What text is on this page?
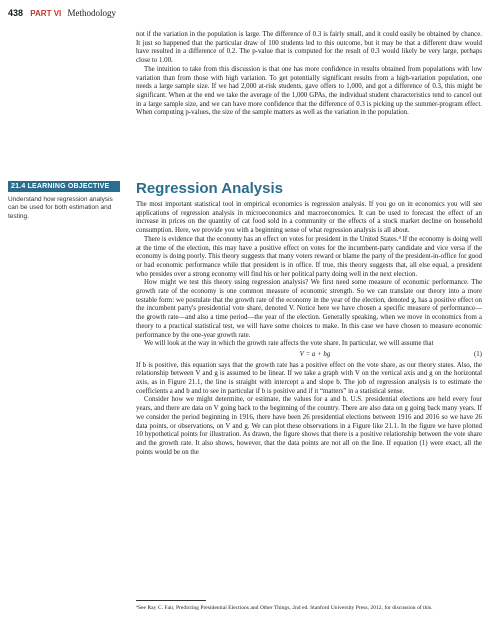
438 PART VI Methodology

not if the variation in the population is large. The difference of 0.3 is fairly small, and it could easily be obtained by chance. It just so happened that the particular draw of 100 students led to this outcome, but it may be that a different draw would have resulted in a difference of 0.2. The p-value that is computed for the result of 0.3 would likely be very large, perhaps close to 1.00.

The intuition to take from this discussion is that one has more confidence in results obtained from populations with low variation than from those with high variation. To get potentially significant results from a high-variation population, one needs a large sample size. If we had 2,000 at-risk students, gave offers to 1,000, and got a difference of 0.3, this might be significant. When at the end we take the average of the 1,000 GPAs, the individual student characteristics tend to cancel out in a large sample size, and we can have more confidence that the difference of 0.3 is picking up the summer-program effect. When computing p-values, the size of the sample matters as well as the variation in the population.

21.4 LEARNING OBJECTIVE
Understand how regression analysis can be used for both estimation and testing.
Regression Analysis

The most important statistical tool in empirical economics is regression analysis. If you go on in economics you will see applications of regression analysis in microeconomics and macroeconomics. It can be used to forecast the effect of an increase in prices on the quantity of cat food sold in a community or the effects of a stock market decline on household consumption. Here, we provide you with a beginning sense of what regression analysis is all about.

There is evidence that the economy has an effect on votes for president in the United States.⁴ If the economy is doing well at the time of the election, this may have a positive effect on votes for the incumbent-party candidate and vice versa if the economy is doing poorly. This theory suggests that many voters reward or blame the party of the president-in-office for good or bad economic performance while that president is in office. If true, this theory suggests that, all else equal, a president who presides over a strong economy will find his or her political party doing well in the next election.

How might we test this theory using regression analysis? We first need some measure of economic performance. The growth rate of the economy is one common measure of economic strength. So we can translate our theory into a more testable form: we postulate that the growth rate of the economy in the year of the election, denoted g, has a positive effect on the incumbent party's presidential vote share, denoted V. Notice here we have chosen a specific measure of performance—the growth rate—and also a time period—the year of the election. Generally speaking, when we move in economics from a theory to a practical statistical test, we will have some choices to make. In this case we have chosen to measure economic performance by the one-year growth rate.

We will look at the way in which the growth rate affects the vote share. In particular, we will assume that

V = a + bg	(1)

If b is positive, this equation says that the growth rate has a positive effect on the vote share, as our theory states. Also, the relationship between V and g is assumed to be linear. If we take a graph with V on the vertical axis and g on the horizontal axis, as in Figure 21.1, the line is straight with intercept a and slope b. The job of regression analysis is to estimate the coefficients a and b and to see in particular if b is positive and if it “matters” in a statistical sense.

Consider how we might determine, or estimate, the values for a and b. U.S. presidential elections are held every four years, and there are data on V going back to the beginning of the country. There are also data on g going back many years. If we consider the period beginning in 1916, there have been 26 presidential elections between 1916 and 2016 so we have 26 data points, or observations, on V and g. We can plot these observations in a Figure like 21.1. In the figure we have plotted 10 hypothetical points for illustration. As drawn, the figure shows that there is a positive relationship between the vote share and the growth rate. It also shows, however, that the data points are not all on the line. If equation (1) were exact, all the points would be on the

⁴See Ray C. Fair, Predicting Presidential Elections and Other Things, 2nd ed. Stanford University Press, 2012, for discussion of this.
